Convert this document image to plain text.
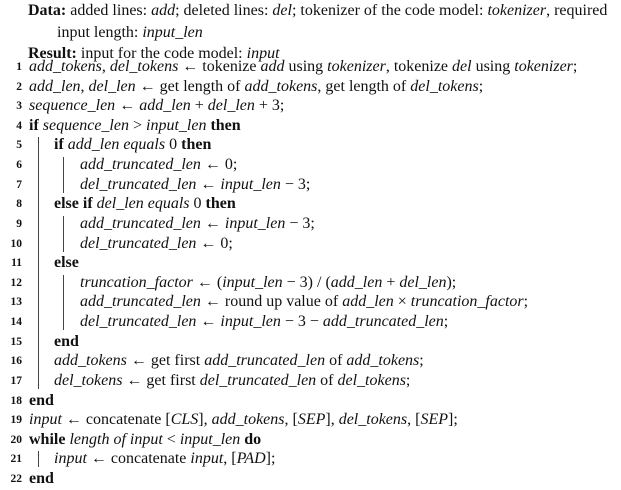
Data: added lines: add; deleted lines: del; tokenizer of the code model: tokenizer, required
input length: input_len
Result: input for the code model: input
1 add_tokens, del_tokens ← tokenize add using tokenizer, tokenize del using tokenizer;
2 add_len, del_len ← get length of add_tokens, get length of del_tokens;
3 sequence_len ← add_len + del_len + 3;
4 if sequence_len > input_len then
5 if add_len equals 0 then
6	add_truncated_len ← 0;
7	del_truncated_len ← input_len − 3;
8 else if del_len equals 0 then
9	add_truncated_len ← input_len − 3;
10	del_truncated_len ← 0;
11 else
12	truncation_factor ← (input_len − 3) / (add_len + del_len);
13	add_truncated_len ← round up value of add_len × truncation_factor;
14	del_truncated_len ← input_len − 3 − add_truncated_len;
15 end
16 add_tokens ← get first add_truncated_len of add_tokens;
17 del_tokens ← get first del_truncated_len of del_tokens;
18 end
19 input ← concatenate [CLS], add_tokens, [SEP], del_tokens, [SEP];
20 while length of input < input_len do
21 input ← concatenate input, [PAD];
22 end
